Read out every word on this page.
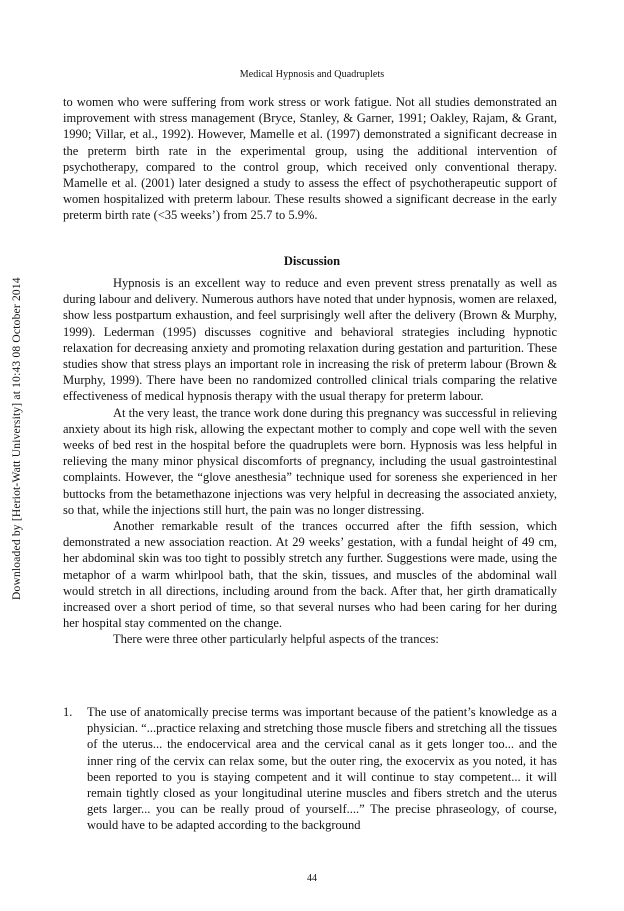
Medical Hypnosis and Quadruplets
Downloaded by [Heriot-Watt University] at 10:43 08 October 2014

to women who were suffering from work stress or work fatigue. Not all studies demonstrated an improvement with stress management (Bryce, Stanley, & Garner, 1991; Oakley, Rajam, & Grant, 1990; Villar, et al., 1992). However, Mamelle et al. (1997) demonstrated a significant decrease in the preterm birth rate in the experimental group, using the additional intervention of psychotherapy, compared to the control group, which received only conventional therapy. Mamelle et al. (2001) later designed a study to assess the effect of psychotherapeutic support of women hospitalized with preterm labour. These results showed a significant decrease in the early preterm birth rate (<35 weeks’) from 25.7 to 5.9%.

Discussion

Hypnosis is an excellent way to reduce and even prevent stress prenatally as well as during labour and delivery. Numerous authors have noted that under hypnosis, women are relaxed, show less postpartum exhaustion, and feel surprisingly well after the delivery (Brown & Murphy, 1999). Lederman (1995) discusses cognitive and behavioral strategies including hypnotic relaxation for decreasing anxiety and promoting relaxation during gestation and parturition. These studies show that stress plays an important role in increasing the risk of preterm labour (Brown & Murphy, 1999). There have been no randomized controlled clinical trials comparing the relative effectiveness of medical hypnosis therapy with the usual therapy for preterm labour.

At the very least, the trance work done during this pregnancy was successful in relieving anxiety about its high risk, allowing the expectant mother to comply and cope well with the seven weeks of bed rest in the hospital before the quadruplets were born. Hypnosis was less helpful in relieving the many minor physical discomforts of pregnancy, including the usual gastrointestinal complaints. However, the “glove anesthesia” technique used for soreness she experienced in her buttocks from the betamethazone injections was very helpful in decreasing the associated anxiety, so that, while the injections still hurt, the pain was no longer distressing.

Another remarkable result of the trances occurred after the fifth session, which demonstrated a new association reaction. At 29 weeks’ gestation, with a fundal height of 49 cm, her abdominal skin was too tight to possibly stretch any further. Suggestions were made, using the metaphor of a warm whirlpool bath, that the skin, tissues, and muscles of the abdominal wall would stretch in all directions, including around from the back. After that, her girth dramatically increased over a short period of time, so that several nurses who had been caring for her during her hospital stay commented on the change.

There were three other particularly helpful aspects of the trances:

1. The use of anatomically precise terms was important because of the patient’s knowledge as a physician. “...practice relaxing and stretching those muscle fibers and stretching all the tissues of the uterus... the endocervical area and the cervical canal as it gets longer too... and the inner ring of the cervix can relax some, but the outer ring, the exocervix as you noted, it has been reported to you is staying competent and it will continue to stay competent... it will remain tightly closed as your longitudinal uterine muscles and fibers stretch and the uterus gets larger... you can be really proud of yourself....” The precise phraseology, of course, would have to be adapted according to the background
44
